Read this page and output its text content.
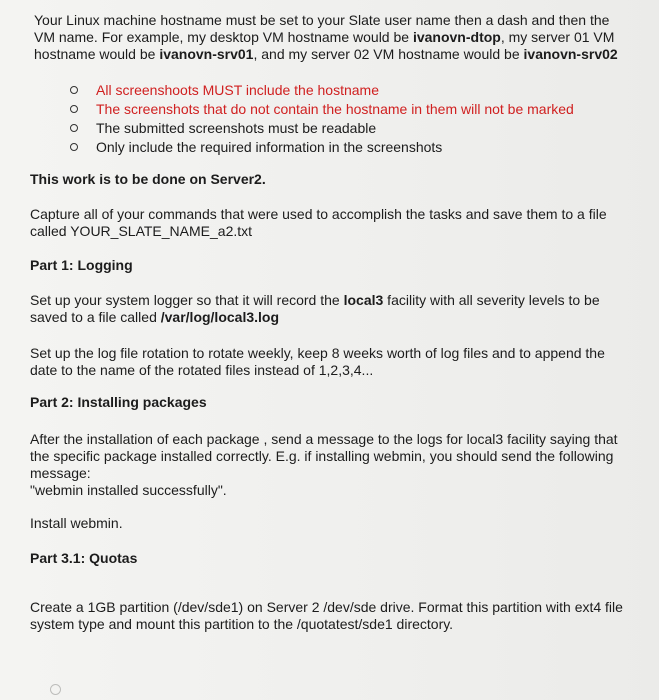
Your Linux machine hostname must be set to your Slate user name then a dash and then the VM name. For example, my desktop VM hostname would be ivanovn-dtop, my server 01 VM hostname would be ivanovn-srv01, and my server 02 VM hostname would be ivanovn-srv02
All screenshoots MUST include the hostname
The screenshots that do not contain the hostname in them will not be marked
The submitted screenshots must be readable
Only include the required information in the screenshots
This work is to be done on Server2.
Capture all of your commands that were used to accomplish the tasks and save them to a file called YOUR_SLATE_NAME_a2.txt
Part 1: Logging
Set up your system logger so that it will record the local3 facility with all severity levels to be saved to a file called /var/log/local3.log
Set up the log file rotation to rotate weekly, keep 8 weeks worth of log files and to append the date to the name of the rotated files instead of 1,2,3,4...
Part 2: Installing packages
After the installation of each package , send a message to the logs for local3 facility saying that the specific package installed correctly. E.g. if installing webmin, you should send the following message:
"webmin installed successfully".
Install webmin.
Part 3.1: Quotas
Create a 1GB partition (/dev/sde1) on Server 2 /dev/sde drive. Format this partition with ext4 file system type and mount this partition to the /quotatest/sde1 directory.
